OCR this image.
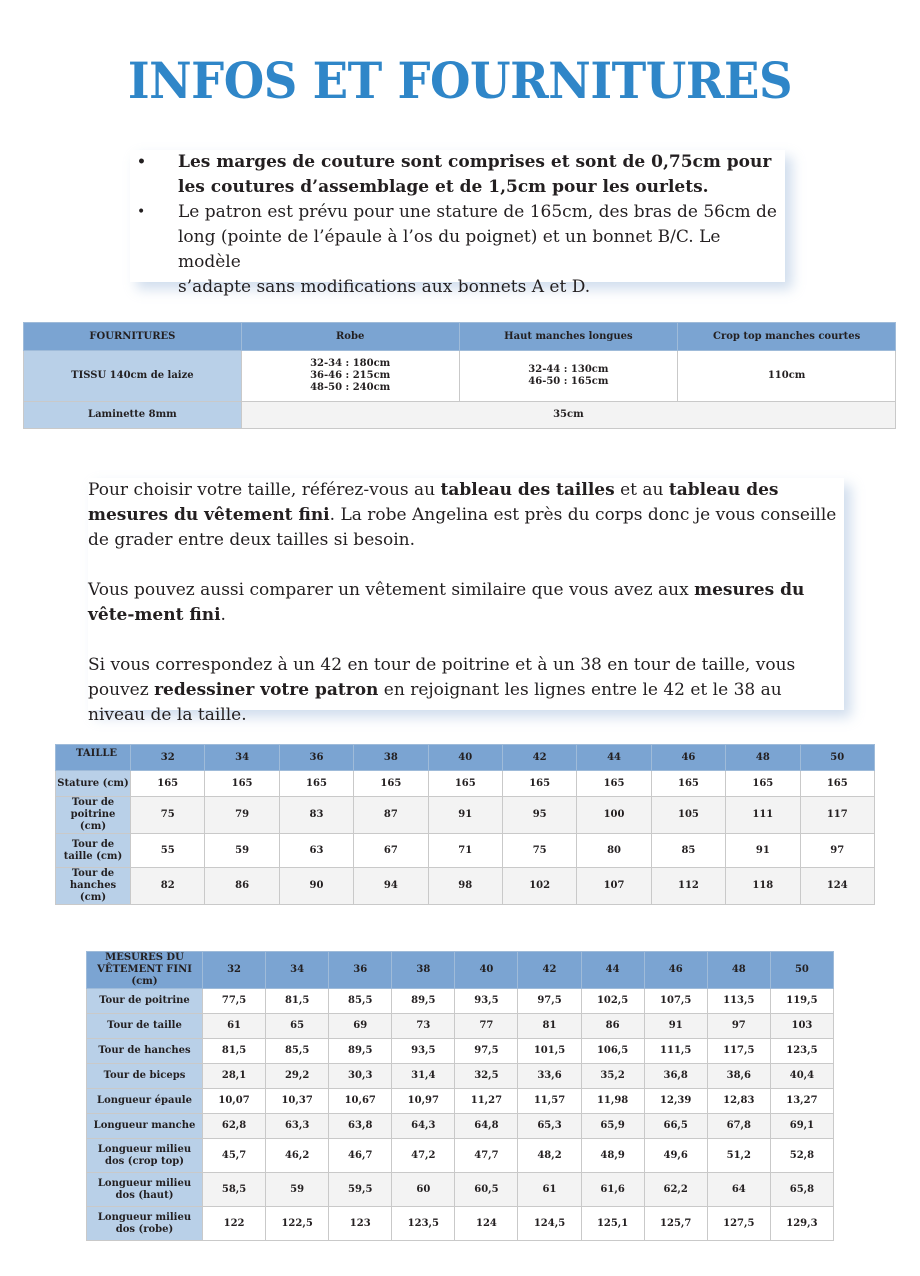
INFOS ET FOURNITURES
• Les marges de couture sont comprises et sont de 0,75cm pour
les coutures d’assemblage et de 1,5cm pour les ourlets.
• Le patron est prévu pour une stature de 165cm, des bras de 56cm de
long (pointe de l’épaule à l’os du poignet) et un bonnet B/C. Le modèle
s’adapte sans modifications aux bonnets A et D.
FOURNITURES	Robe	Haut manches longues	Crop top manches courtes
TISSU 140cm de laize	32-34 : 180cm
36-46 : 215cm
48-50 : 240cm	32-44 : 130cm
46-50 : 165cm	110cm
Laminette 8mm	35cm		

Pour choisir votre taille, référez-vous au tableau des tailles et au tableau des mesures du vêtement fini. La robe Angelina est près du corps donc je vous conseille de grader entre deux tailles si besoin.

Vous pouvez aussi comparer un vêtement similaire que vous avez aux mesures du vête-ment fini.

Si vous correspondez à un 42 en tour de poitrine et à un 38 en tour de taille, vous pouvez redessiner votre patron en rejoignant les lignes entre le 42 et le 38 au niveau de la taille.

TAILLE	32	34	36	38	40	42	44	46	48	50
Stature (cm)	165	165	165	165	165	165	165	165	165	165
Tour de poitrine (cm)	75	79	83	87	91	95	100	105	111	117
Tour de taille (cm)	55	59	63	67	71	75	80	85	91	97
Tour de hanches (cm)	82	86	90	94	98	102	107	112	118	124
MESURES DU VÊTEMENT FINI (cm)	32	34	36	38	40	42	44	46	48	50
Tour de poitrine	77,5	81,5	85,5	89,5	93,5	97,5	102,5	107,5	113,5	119,5
Tour de taille	61	65	69	73	77	81	86	91	97	103
Tour de hanches	81,5	85,5	89,5	93,5	97,5	101,5	106,5	111,5	117,5	123,5
Tour de biceps	28,1	29,2	30,3	31,4	32,5	33,6	35,2	36,8	38,6	40,4
Longueur épaule	10,07	10,37	10,67	10,97	11,27	11,57	11,98	12,39	12,83	13,27
Longueur manche	62,8	63,3	63,8	64,3	64,8	65,3	65,9	66,5	67,8	69,1
Longueur milieu dos (crop top)	45,7	46,2	46,7	47,2	47,7	48,2	48,9	49,6	51,2	52,8
Longueur milieu dos (haut)	58,5	59	59,5	60	60,5	61	61,6	62,2	64	65,8
Longueur milieu dos (robe)	122	122,5	123	123,5	124	124,5	125,1	125,7	127,5	129,3
